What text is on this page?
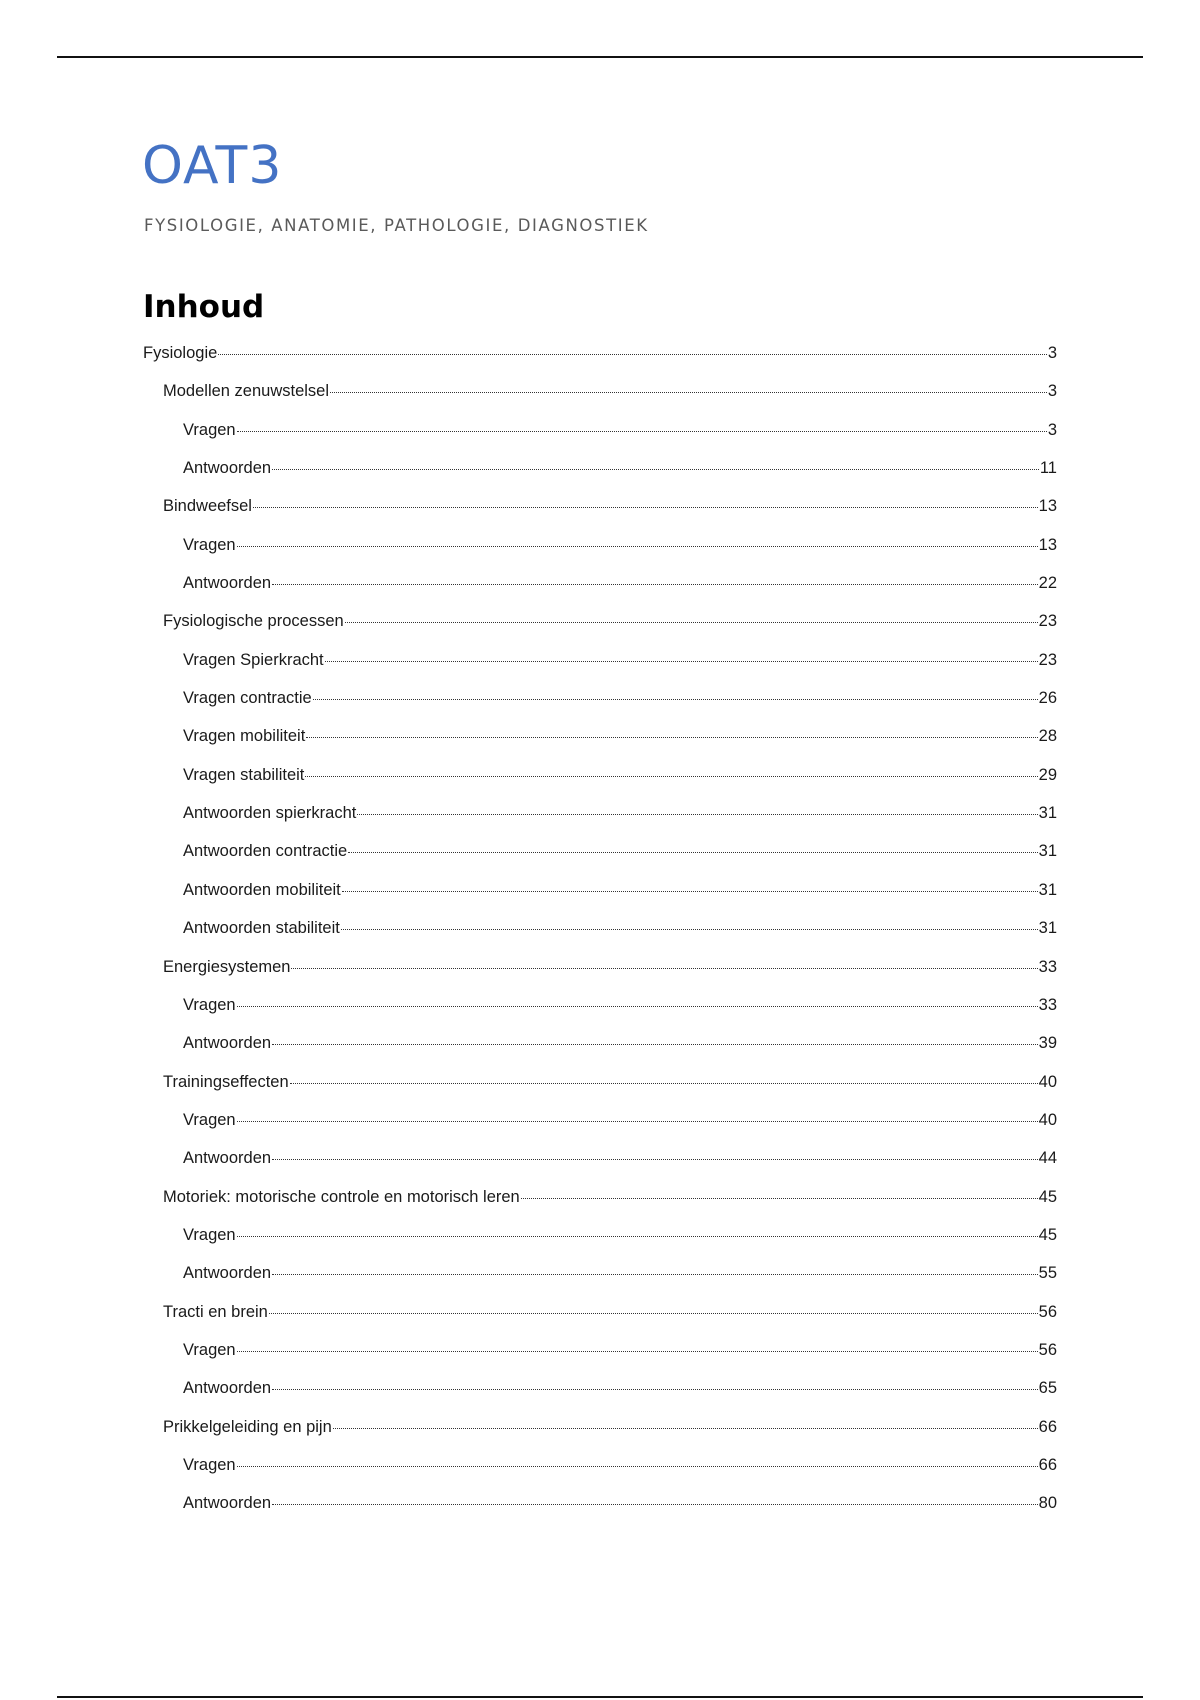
OAT3
FYSIOLOGIE, ANATOMIE, PATHOLOGIE, DIAGNOSTIEK
Inhoud
Fysiologie	3
Modellen zenuwstelsel	3
Vragen	3
Antwoorden	11
Bindweefsel	13
Vragen	13
Antwoorden	22
Fysiologische processen	23
Vragen Spierkracht	23
Vragen contractie	26
Vragen mobiliteit	28
Vragen stabiliteit	29
Antwoorden spierkracht	31
Antwoorden contractie	31
Antwoorden mobiliteit	31
Antwoorden stabiliteit	31
Energiesystemen	33
Vragen	33
Antwoorden	39
Trainingseffecten	40
Vragen	40
Antwoorden	44
Motoriek: motorische controle en motorisch leren	45
Vragen	45
Antwoorden	55
Tracti en brein	56
Vragen	56
Antwoorden	65
Prikkelgeleiding en pijn	66
Vragen	66
Antwoorden	80
